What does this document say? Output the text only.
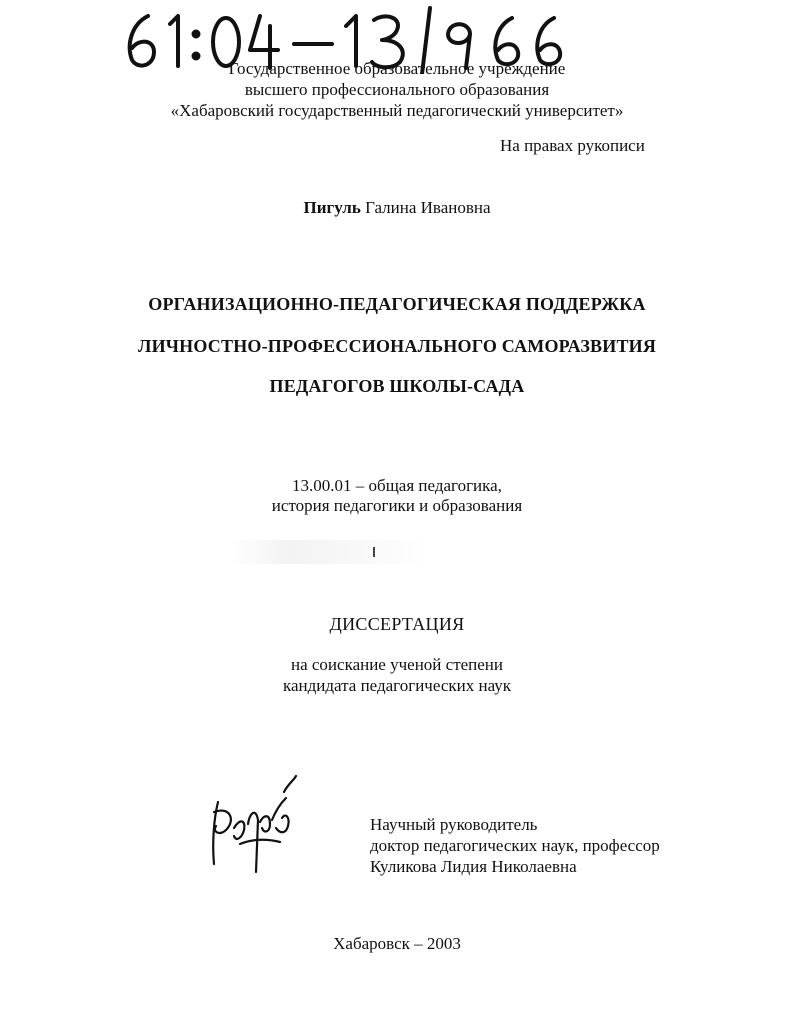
Государственное образовательное учреждение
высшего профессионального образования
«Хабаровский государственный педагогический университет»
На правах рукописи
Пигуль Галина Ивановна
ОРГАНИЗАЦИОННО-ПЕДАГОГИЧЕСКАЯ ПОДДЕРЖКА
ЛИЧНОСТНО-ПРОФЕССИОНАЛЬНОГО САМОРАЗВИТИЯ
ПЕДАГОГОВ ШКОЛЫ-САДА
13.00.01 – общая педагогика,
история педагогики и образования
ДИССЕРТАЦИЯ
на соискание ученой степени
кандидата педагогических наук
Научный руководитель
доктор педагогических наук, профессор
Куликова Лидия Николаевна
Хабаровск – 2003
